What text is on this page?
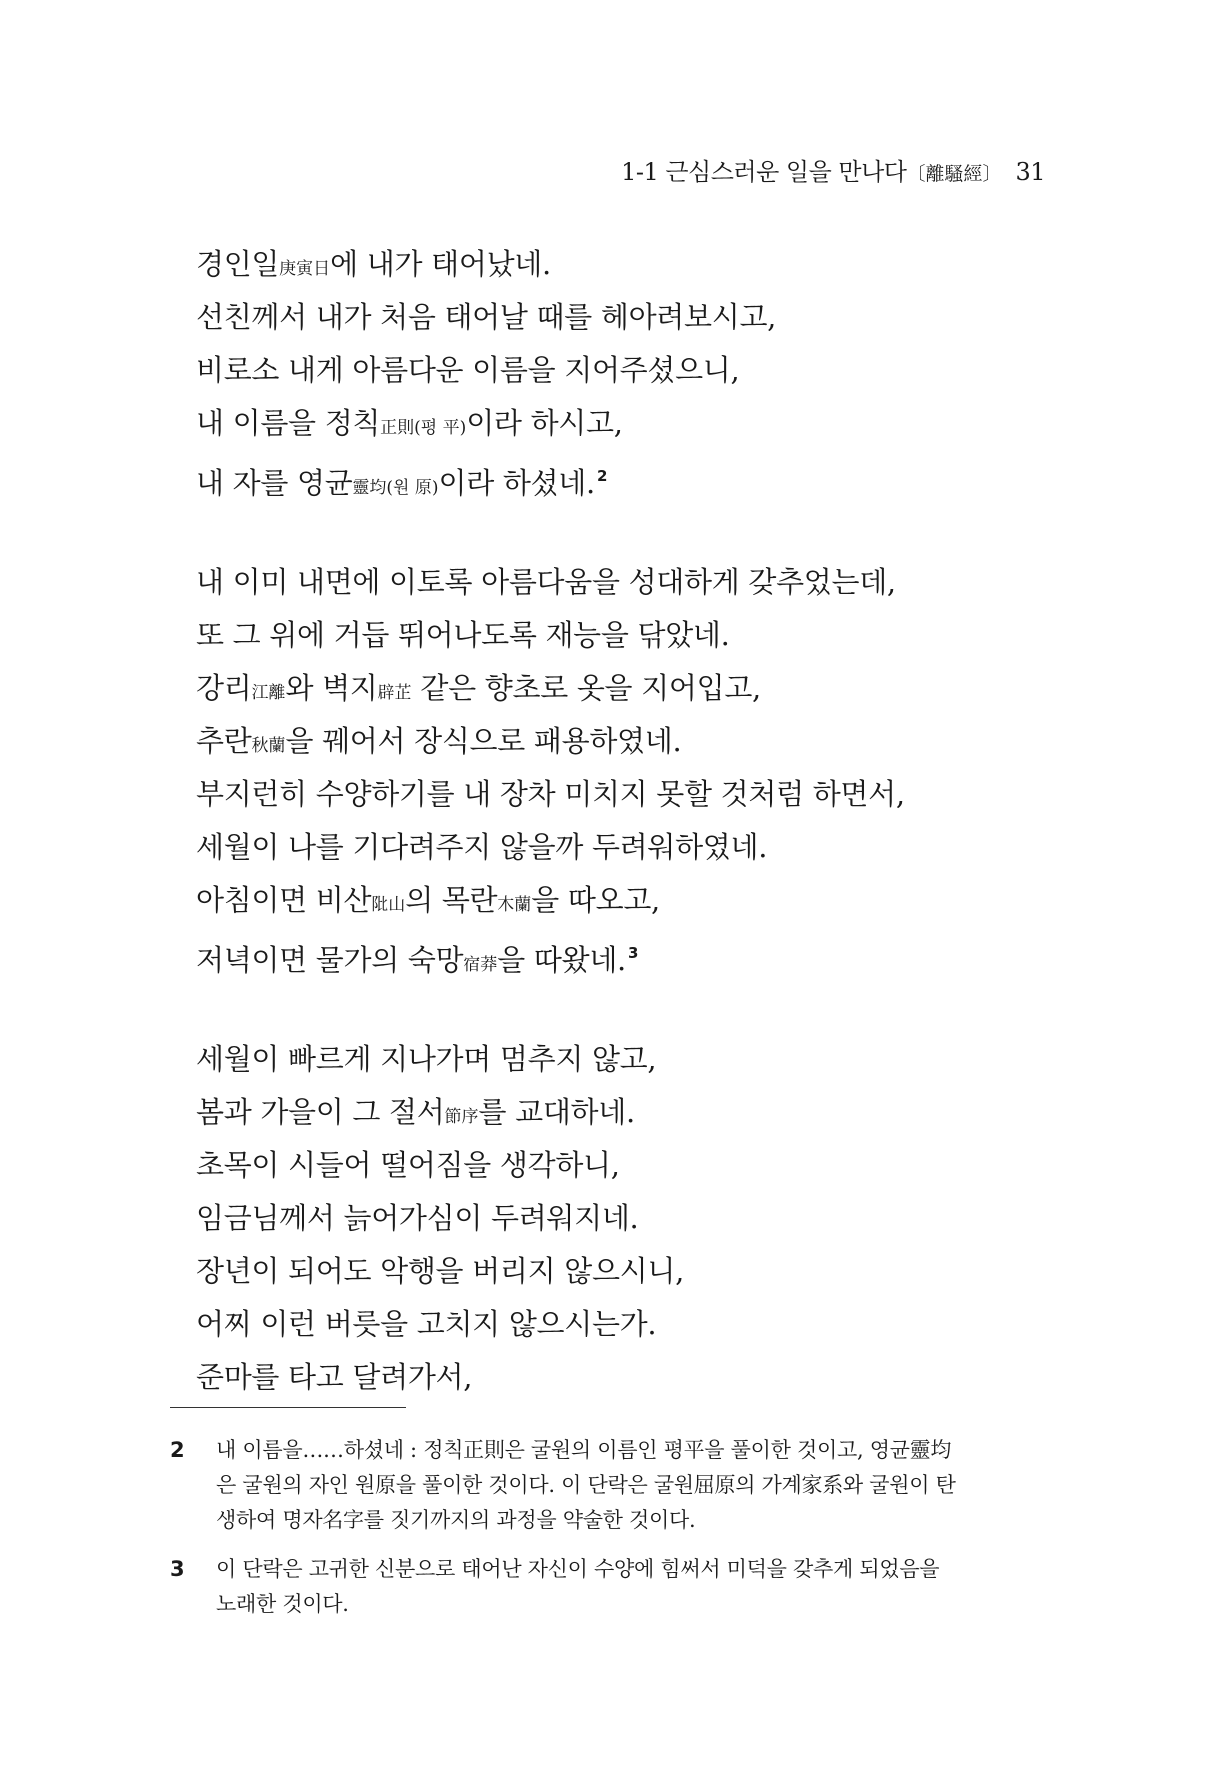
1-1 근심스러운 일을 만나다〔離騷經〕 31
경인일庚寅日에 내가 태어났네.
선친께서 내가 처음 태어날 때를 헤아려보시고,
비로소 내게 아름다운 이름을 지어주셨으니,
내 이름을 정칙正則(평 平)이라 하시고,
내 자를 영균靈均(원 原)이라 하셨네. $^2$
내 이미 내면에 이토록 아름다움을 성대하게 갖추었는데,
또 그 위에 거듭 뛰어나도록 재능을 닦았네.
강리江離와 벽지辟芷 같은 향초로 옷을 지어입고,
추란秋蘭을 꿰어서 장식으로 패용하였네.
부지런히 수양하기를 내 장차 미치지 못할 것처럼 하면서,
세월이 나를 기다려주지 않을까 두려워하였네.
아침이면 비산阰山의 목란木蘭을 따오고,
저녁이면 물가의 숙망宿莽을 따왔네. $^3$
세월이 빠르게 지나가며 멈추지 않고,
봄과 가을이 그 절서節序를 교대하네.
초목이 시들어 떨어짐을 생각하니,
임금님께서 늙어가심이 두려워지네.
장년이 되어도 악행을 버리지 않으시니,
어찌 이런 버릇을 고치지 않으시는가.
준마를 타고 달려가서,
2	내 이름을……하셨네 : 정칙正則은 굴원의 이름인 평平을 풀이한 것이고, 영균靈均
은 굴원의 자인 원原을 풀이한 것이다. 이 단락은 굴원屈原의 가계家系와 굴원이 탄
생하여 명자名字를 짓기까지의 과정을 약술한 것이다.
3	이 단락은 고귀한 신분으로 태어난 자신이 수양에 힘써서 미덕을 갖추게 되었음을
노래한 것이다.
